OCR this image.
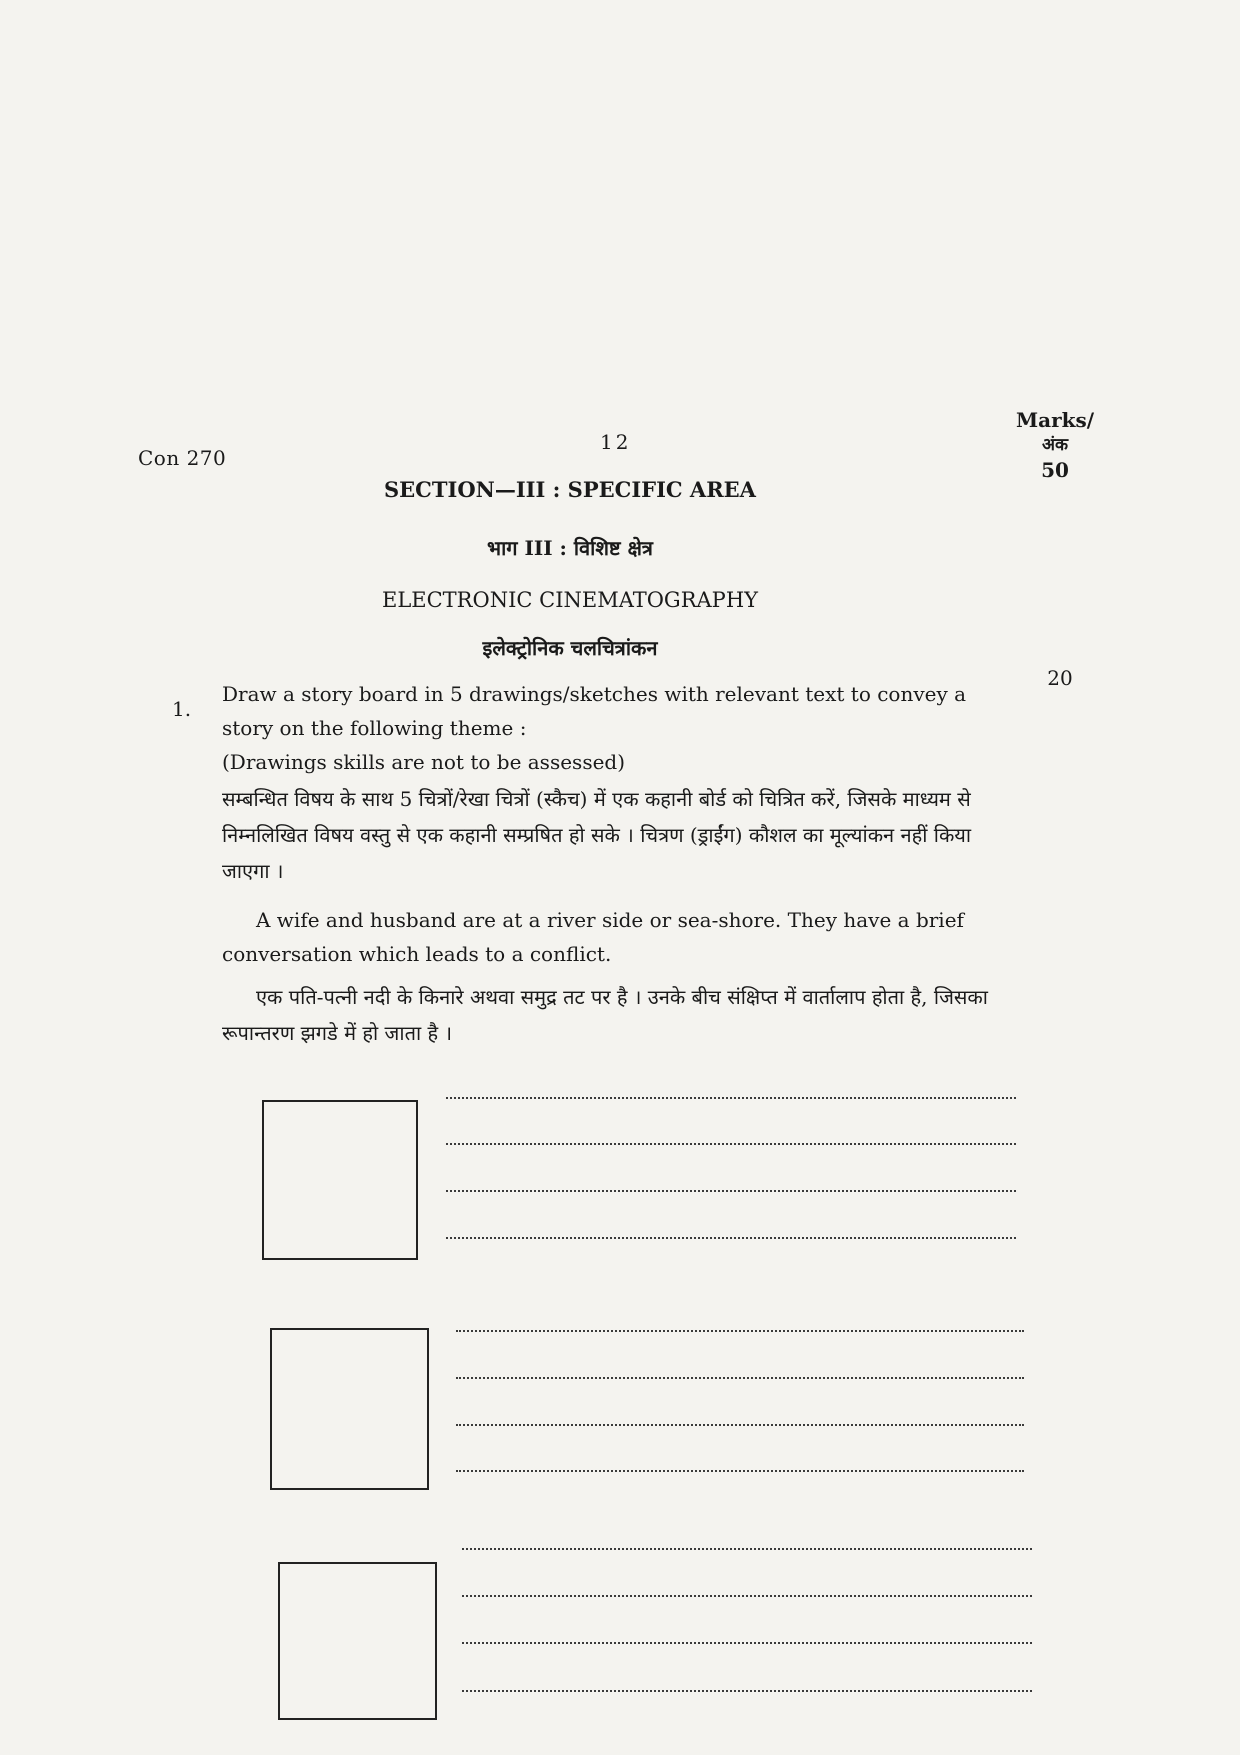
Con 270
12
Marks/
अंक
50
SECTION—III : SPECIFIC AREA
भाग III : विशिष्ट क्षेत्र
ELECTRONIC CINEMATOGRAPHY
इलेक्ट्रोनिक चलचित्रांकन
1.
20

Draw a story board in 5 drawings/sketches with relevant text to convey a story on the following theme :

(Drawings skills are not to be assessed)

सम्बन्धित विषय के साथ 5 चित्रों/रेखा चित्रों (स्कैच) में एक कहानी बोर्ड को चित्रित करें, जिसके माध्यम से निम्नलिखित विषय वस्तु से एक कहानी सम्प्रषित हो सके । चित्रण (ड्राईंग) कौशल का मूल्यांकन नहीं किया जाएगा ।

A wife and husband are at a river side or sea-shore. They have a brief conversation which leads to a conflict.

एक पति-पत्नी नदी के किनारे अथवा समुद्र तट पर है । उनके बीच संक्षिप्त में वार्तालाप होता है, जिसका रूपान्तरण झगडे में हो जाता है ।
